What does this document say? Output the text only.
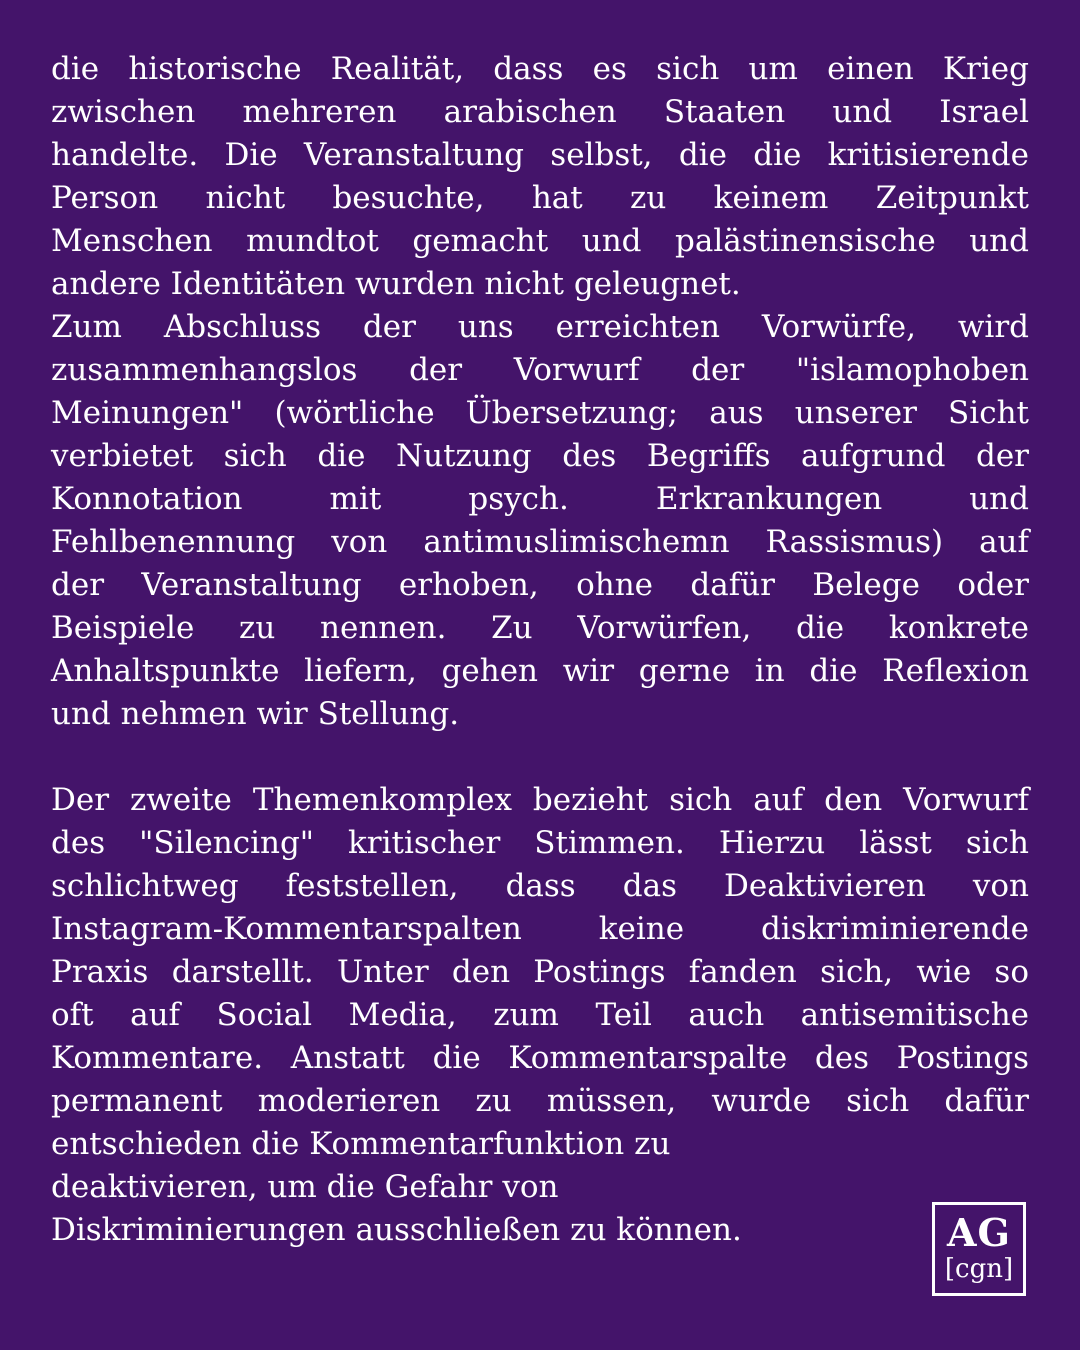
die historische Realität, dass es sich um einen Krieg
zwischen mehreren arabischen Staaten und Israel
handelte. Die Veranstaltung selbst, die die kritisierende
Person nicht besuchte, hat zu keinem Zeitpunkt
Menschen mundtot gemacht und palästinensische und
andere Identitäten wurden nicht geleugnet.
Zum Abschluss der uns erreichten Vorwürfe, wird
zusammenhangslos der Vorwurf der "islamophoben
Meinungen" (wörtliche Übersetzung; aus unserer Sicht
verbietet sich die Nutzung des Begriffs aufgrund der
Konnotation mit psych. Erkrankungen und
Fehlbenennung von antimuslimischemn Rassismus) auf
der Veranstaltung erhoben, ohne dafür Belege oder
Beispiele zu nennen. Zu Vorwürfen, die konkrete
Anhaltspunkte liefern, gehen wir gerne in die Reflexion
und nehmen wir Stellung.
Der zweite Themenkomplex bezieht sich auf den Vorwurf
des "Silencing" kritischer Stimmen. Hierzu lässt sich
schlichtweg feststellen, dass das Deaktivieren von
Instagram-Kommentarspalten keine diskriminierende
Praxis darstellt. Unter den Postings fanden sich, wie so
oft auf Social Media, zum Teil auch antisemitische
Kommentare. Anstatt die Kommentarspalte des Postings
permanent moderieren zu müssen, wurde sich dafür
entschieden die Kommentarfunktion zu
deaktivieren, um die Gefahr von
Diskriminierungen ausschließen zu können.	AG
[cgn]
